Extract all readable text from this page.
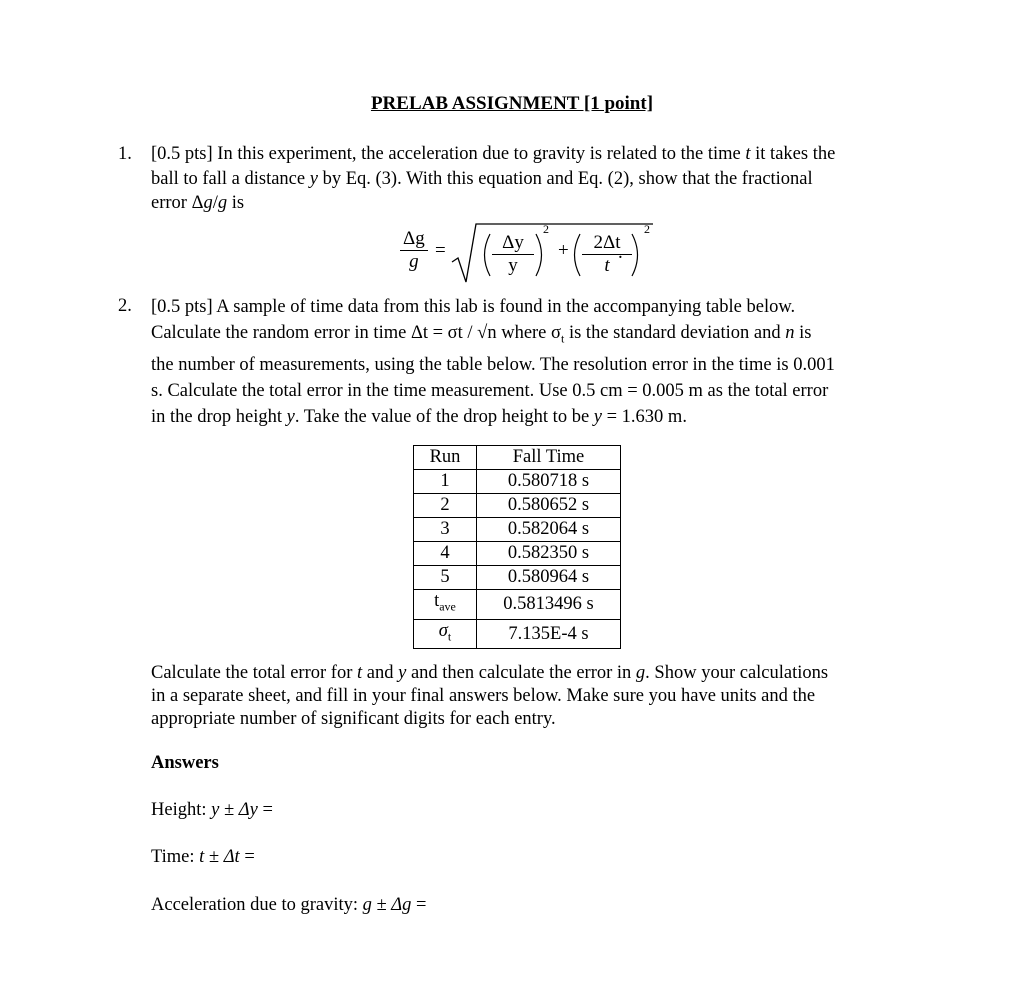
PRELAB ASSIGNMENT [1 point]
1. [0.5 pts] In this experiment, the acceleration due to gravity is related to the time t it takes the
ball to fall a distance y by Eq. (3). With this equation and Eq. (2), show that the fractional
error Δg/g is
$\frac{\Delta g}{g} = \frac{\Delta y}{y}$
2
+ $\frac{2\Delta t}{t}$
2
.
2. [0.5 pts] A sample of time data from this lab is found in the accompanying table below.
Calculate the random error in time Δt = σt / √n where $\sigma_t$ is the standard deviation and n is
the number of measurements, using the table below. The resolution error in the time is 0.001
s. Calculate the total error in the time measurement. Use 0.5 cm = 0.005 m as the total error
in the drop height y. Take the value of the drop height to be y = 1.630 m.
Run	Fall Time
1	0.580718 s
2	0.580652 s
3	0.582064 s
4	0.582350 s
5	0.580964 s
$t_{ave}$	0.5813496 s
$\sigma_t$	7.135E-4 s
Calculate the total error for t and y and then calculate the error in g. Show your calculations
in a separate sheet, and fill in your final answers below. Make sure you have units and the
appropriate number of significant digits for each entry.
Answers
Height: y ± Δy =
Time: t ± Δt =
Acceleration due to gravity: g ± Δg =
